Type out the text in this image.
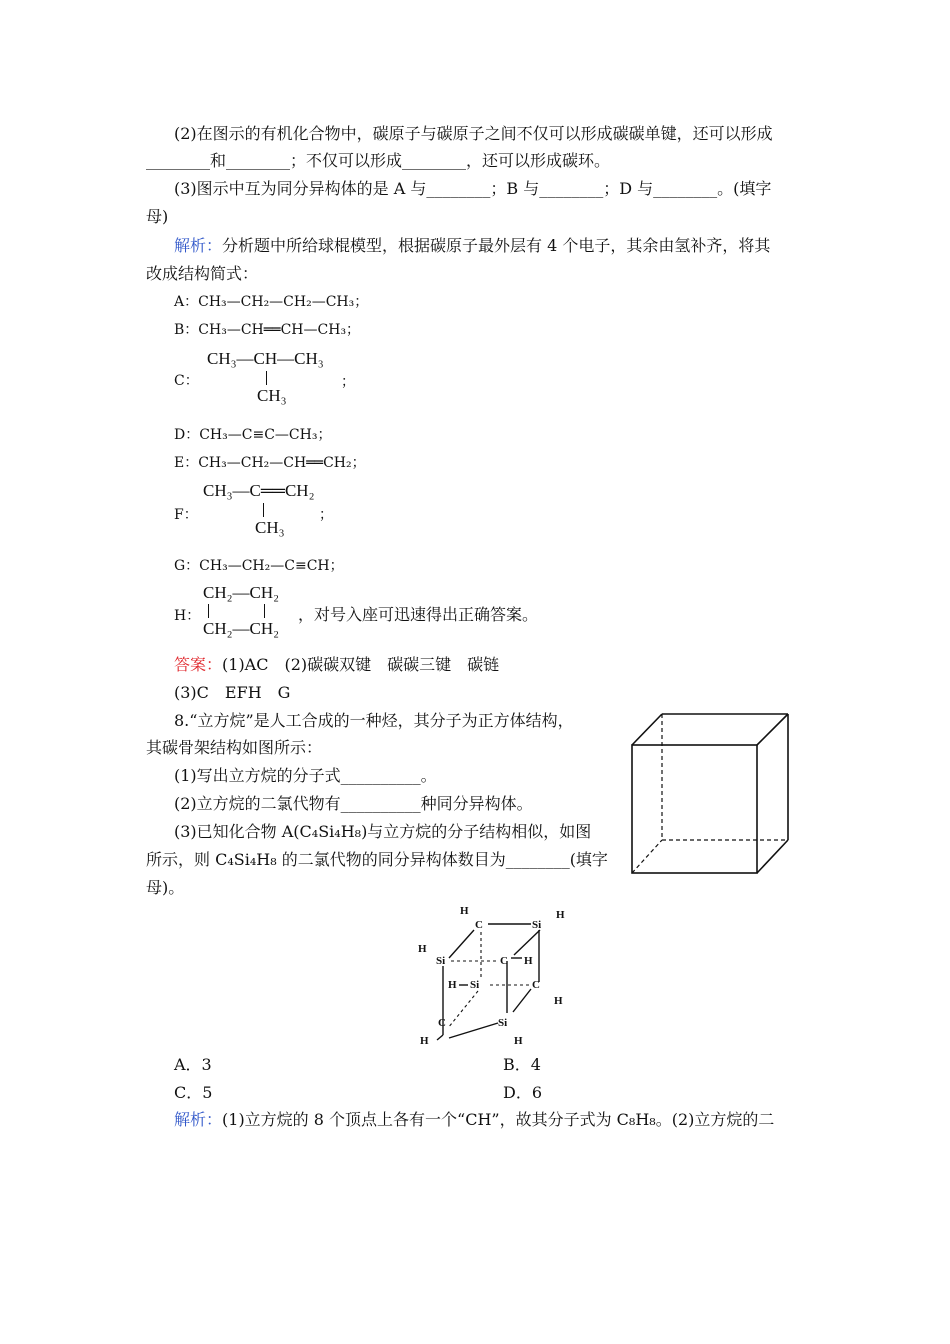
(2)在图示的有机化合物中，碳原子与碳原子之间不仅可以形成碳碳单键，还可以形成
________和________；不仅可以形成________，还可以形成碳环。
(3)图示中互为同分异构体的是 A 与________；B 与________；D 与________。(填字
母)
解析：分析题中所给球棍模型，根据碳原子最外层有 4 个电子，其余由氢补齐，将其
改成结构简式：
A：CH₃—CH₂—CH₂—CH₃；
B：CH₃—CH══CH—CH₃；
C：
CH₃—CH—CH₃
CH₃
；
D：CH₃—C≡C—CH₃；
E：CH₃—CH₂—CH══CH₂；
F：
CH₃—C══CH₂
CH₃
；
G：CH₃—CH₂—C≡CH；
H：
CH₂—CH₂
CH₂—CH₂
，对号入座可迅速得出正确答案。
答案：(1)AC　(2)碳碳双键　碳碳三键　碳链
(3)C　EFH　G
8.“立方烷”是人工合成的一种烃，其分子为正方体结构，
其碳骨架结构如图所示：
(1)写出立方烷的分子式__________。
(2)立方烷的二氯代物有__________种同分异构体。
(3)已知化合物 A(C₄Si₄H₈)与立方烷的分子结构相似，如图
所示，则 C₄Si₄H₈ 的二氯代物的同分异构体数目为________(填字
母)。
H
C	Si
H
H
Si	C H
H Si	C
H
C	Si
H	H
A．3	B．4
C．5	D．6
解析：(1)立方烷的 8 个顶点上各有一个“CH”，故其分子式为 C₈H₈。(2)立方烷的二
